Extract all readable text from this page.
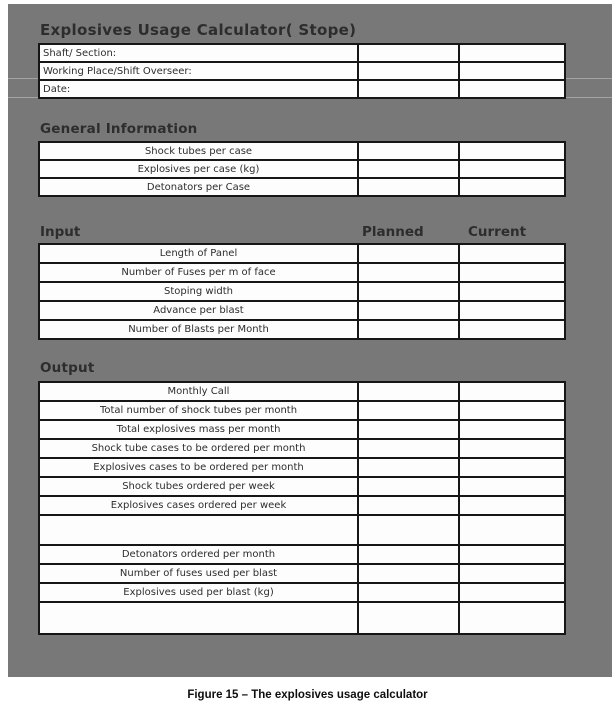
Explosives Usage Calculator( Stope)
Shaft/ Section:
Working Place/Shift Overseer:
Date:
General Information
Shock tubes per case
Explosives per case (kg)
Detonators per Case
Input	Planned	Current
Length of Panel
Number of Fuses per m of face
Stoping width
Advance per blast
Number of Blasts per Month
Output
Monthly Call
Total number of shock tubes per month
Total explosives mass per month
Shock tube cases to be ordered per month
Explosives cases to be ordered per month
Shock tubes ordered per week
Explosives cases ordered per week
Detonators ordered per month
Number of fuses used per blast
Explosives used per blast (kg)
Figure 15 – The explosives usage calculator
